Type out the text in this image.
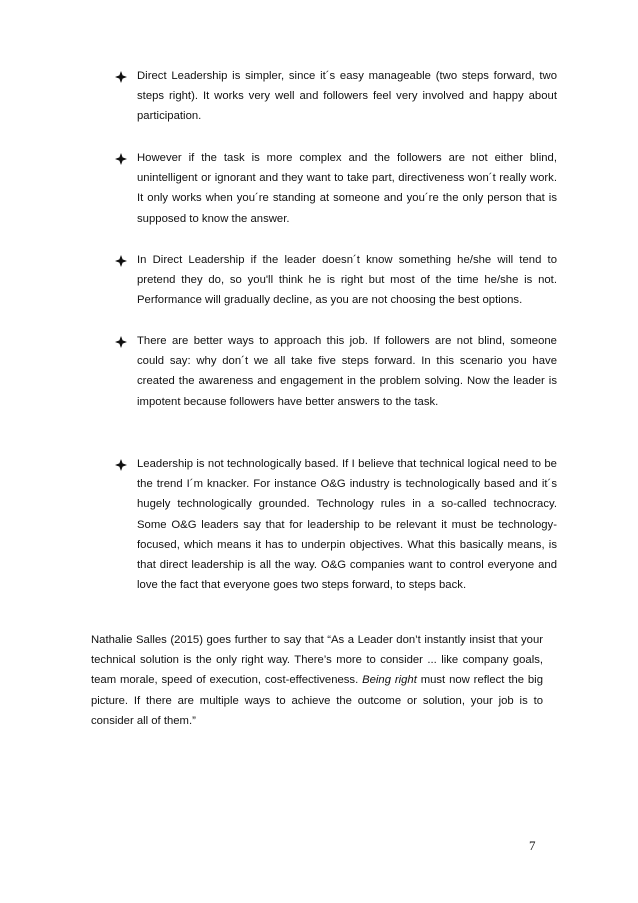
Direct Leadership is simpler, since it´s easy manageable (two steps forward, two steps right). It works very well and followers feel very involved and happy about participation.
However if the task is more complex and the followers are not either blind, unintelligent or ignorant and they want to take part, directiveness won´t really work. It only works when you´re standing at someone and you´re the only person that is supposed to know the answer.
In Direct Leadership if the leader doesn´t know something he/she will tend to pretend they do, so you'll think he is right but most of the time he/she is not. Performance will gradually decline, as you are not choosing the best options.
There are better ways to approach this job. If followers are not blind, someone could say: why don´t we all take five steps forward. In this scenario you have created the awareness and engagement in the problem solving. Now the leader is impotent because followers have better answers to the task.
Leadership is not technologically based. If I believe that technical logical need to be the trend I´m knacker. For instance O&G industry is technologically based and it´s hugely technologically grounded. Technology rules in a so-called technocracy. Some O&G leaders say that for leadership to be relevant it must be technology-focused, which means it has to underpin objectives. What this basically means, is that direct leadership is all the way. O&G companies want to control everyone and love the fact that everyone goes two steps forward, to steps back.
Nathalie Salles (2015) goes further to say that “As a Leader don’t instantly insist that your technical solution is the only right way. There’s more to consider ... like company goals, team morale, speed of execution, cost-effectiveness. Being right must now reflect the big picture. If there are multiple ways to achieve the outcome or solution, your job is to consider all of them.”
7
